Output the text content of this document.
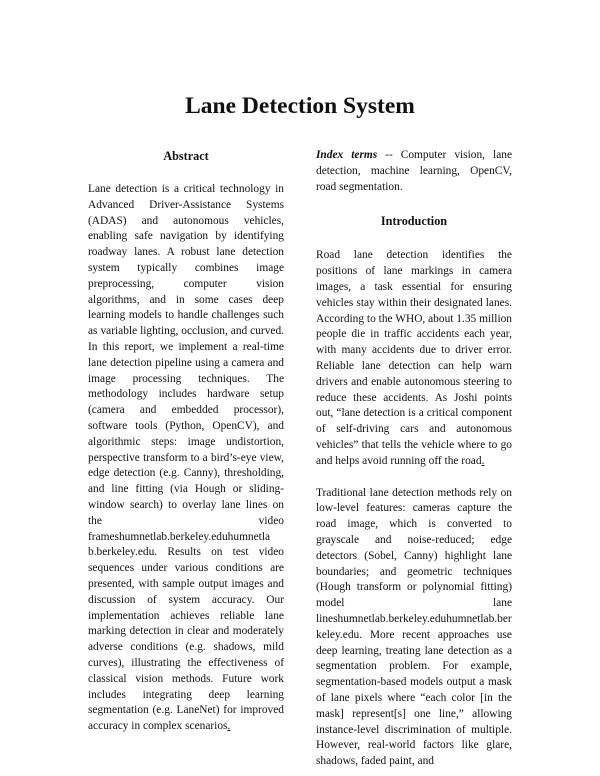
Lane Detection System
Abstract

Lane detection is a critical technology in Advanced Driver-Assistance Systems (ADAS) and autonomous vehicles, enabling safe navigation by identifying roadway lanes. A robust lane detection system typically combines image preprocessing, computer vision algorithms, and in some cases deep learning models to handle challenges such as variable lighting, occlusion, and curved. In this report, we implement a real-time lane detection pipeline using a camera and image processing techniques. The methodology includes hardware setup (camera and embedded processor), software tools (Python, OpenCV), and algorithmic steps: image undistortion, perspective transform to a bird’s-eye view, edge detection (e.g. Canny), thresholding, and line fitting (via Hough or sliding-window search) to overlay lane lines on the video frameshumnetlab.berkeley.eduhumnetla b.berkeley.edu. Results on test video sequences under various conditions are presented, with sample output images and discussion of system accuracy. Our implementation achieves reliable lane marking detection in clear and moderately adverse conditions (e.g. shadows, mild curves), illustrating the effectiveness of classical vision methods. Future work includes integrating deep learning segmentation (e.g. LaneNet) for improved accuracy in complex scenarios.

Index terms -- Computer vision, lane detection, machine learning, OpenCV, road segmentation.

Introduction

Road lane detection identifies the positions of lane markings in camera images, a task essential for ensuring vehicles stay within their designated lanes. According to the WHO, about 1.35 million people die in traffic accidents each year, with many accidents due to driver error. Reliable lane detection can help warn drivers and enable autonomous steering to reduce these accidents. As Joshi points out, “lane detection is a critical component of self-driving cars and autonomous vehicles” that tells the vehicle where to go and helps avoid running off the road.

Traditional lane detection methods rely on low-level features: cameras capture the road image, which is converted to grayscale and noise-reduced; edge detectors (Sobel, Canny) highlight lane boundaries; and geometric techniques (Hough transform or polynomial fitting) model lane lineshumnetlab.berkeley.eduhumnetlab.berkeley.edu. More recent approaches use deep learning, treating lane detection as a segmentation problem. For example, segmentation-based models output a mask of lane pixels where “each color [in the mask] represent[s] one line,” allowing instance-level discrimination of multiple. However, real-world factors like glare, shadows, faded paint, and
